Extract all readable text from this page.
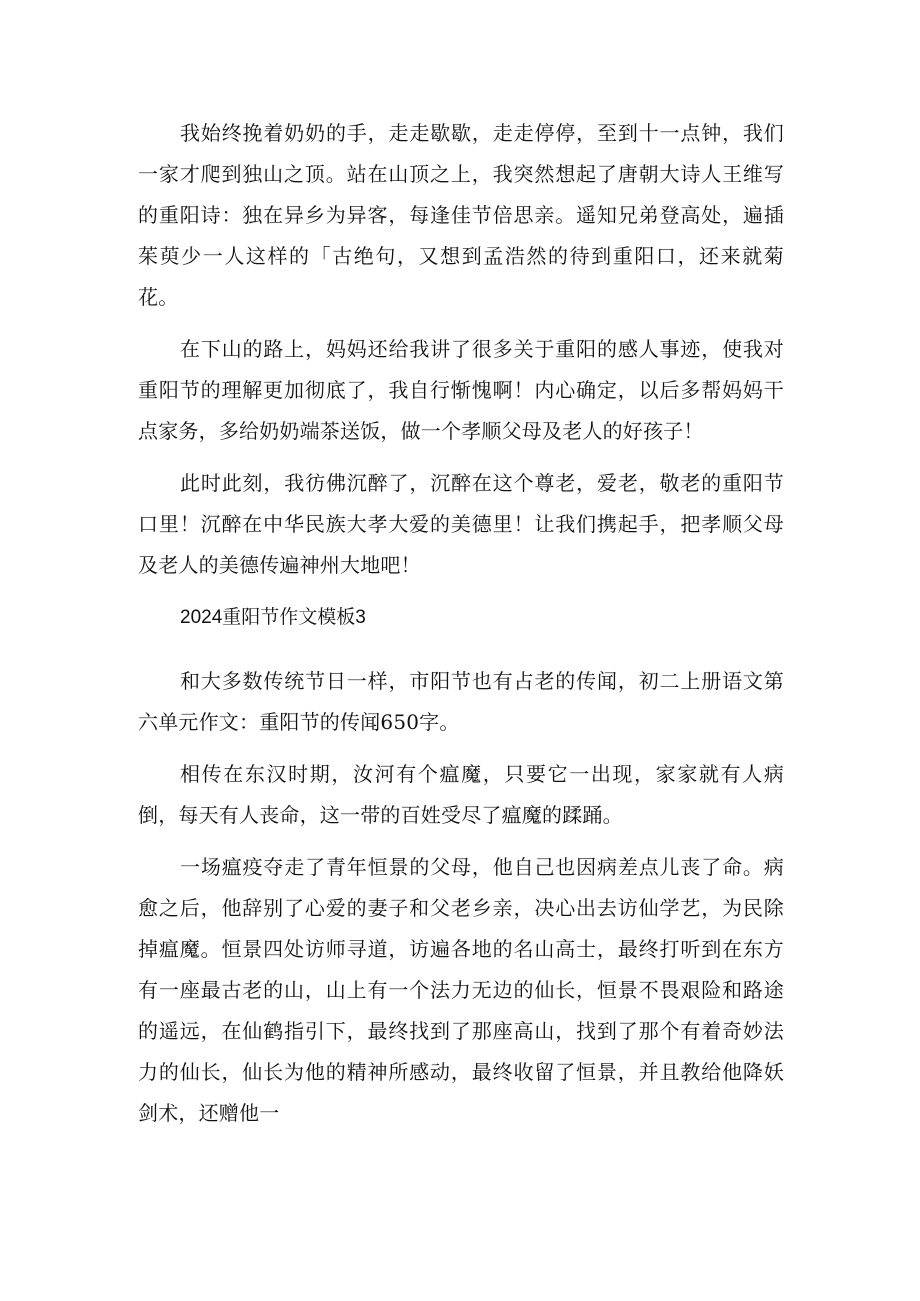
我始终挽着奶奶的手，走走歇歇，走走停停，至到十一点钟，我们一家才爬到独山之顶。站在山顶之上，我突然想起了唐朝大诗人王维写的重阳诗：独在异乡为异客，每逢佳节倍思亲。遥知兄弟登高处，遍插茱萸少一人这样的「古绝句，又想到孟浩然的待到重阳口，还来就菊花。

在下山的路上，妈妈还给我讲了很多关于重阳的感人事迹，使我对重阳节的理解更加彻底了，我自行惭愧啊！内心确定，以后多帮妈妈干点家务，多给奶奶端茶送饭，做一个孝顺父母及老人的好孩子！

此时此刻，我彷佛沉醉了，沉醉在这个尊老，爱老，敬老的重阳节口里！沉醉在中华民族大孝大爱的美德里！让我们携起手，把孝顺父母及老人的美德传遍神州大地吧！

2024重阳节作文模板3

和大多数传统节日一样，市阳节也有占老的传闻，初二上册语文第六单元作文：重阳节的传闻650字。

相传在东汉时期，汝河有个瘟魔，只要它一出现，家家就有人病倒，每天有人丧命，这一带的百姓受尽了瘟魔的蹂踊。

一场瘟疫夺走了青年恒景的父母，他自己也因病差点儿丧了命。病愈之后，他辞别了心爱的妻子和父老乡亲，决心出去访仙学艺，为民除掉瘟魔。恒景四处访师寻道，访遍各地的名山高士，最终打听到在东方有一座最古老的山，山上有一个法力无边的仙长，恒景不畏艰险和路途的遥远，在仙鹤指引下，最终找到了那座高山，找到了那个有着奇妙法力的仙长，仙长为他的精神所感动，最终收留了恒景，并且教给他降妖剑术，还赠他一
